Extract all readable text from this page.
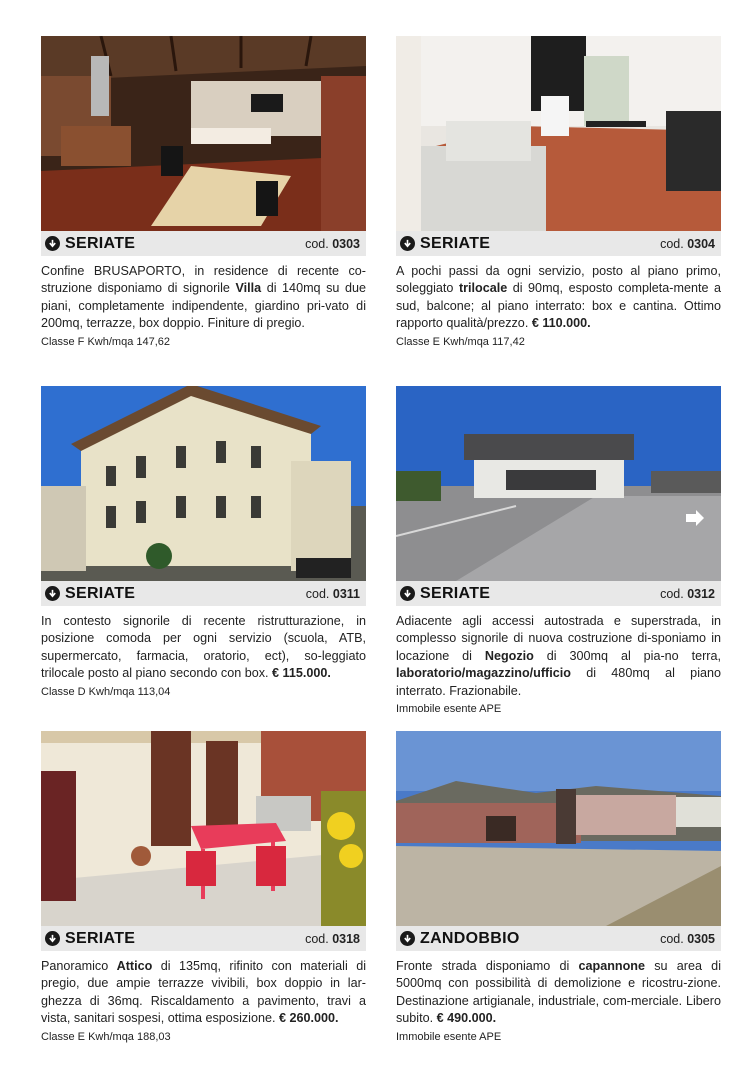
SERIATE	cod. 0303
Confine BRUSAPORTO, in residence di recente co-struzione disponiamo di signorile Villa di 140mq su due piani, completamente indipendente, giardino pri-vato di 200mq, terrazze, box doppio. Finiture di pregio.
Classe F Kwh/mqa 147,62
SERIATE	cod. 0304
A pochi passi da ogni servizio, posto al piano primo, soleggiato trilocale di 90mq, esposto completa-mente a sud, balcone; al piano interrato: box e cantina. Ottimo rapporto qualità/prezzo. € 110.000.
Classe E Kwh/mqa 117,42
SERIATE	cod. 0311
In contesto signorile di recente ristrutturazione, in posizione comoda per ogni servizio (scuola, ATB, supermercato, farmacia, oratorio, ect), so-leggiato trilocale posto al piano secondo con box. € 115.000.
Classe D Kwh/mqa 113,04
SERIATE	cod. 0312
Adiacente agli accessi autostrada e superstrada, in complesso signorile di nuova costruzione di-sponiamo in locazione di Negozio di 300mq al pia-no terra, laboratorio/magazzino/ufficio di 480mq al piano interrato. Frazionabile.
Immobile esente APE
SERIATE	cod. 0318
Panoramico Attico di 135mq, rifinito con materiali di pregio, due ampie terrazze vivibili, box doppio in lar-ghezza di 36mq. Riscaldamento a pavimento, travi a vista, sanitari sospesi, ottima esposizione. € 260.000.
Classe E Kwh/mqa 188,03
ZANDOBBIO	cod. 0305
Fronte strada disponiamo di capannone su area di 5000mq con possibilità di demolizione e ricostru-zione. Destinazione artigianale, industriale, com-merciale. Libero subito. € 490.000.
Immobile esente APE
